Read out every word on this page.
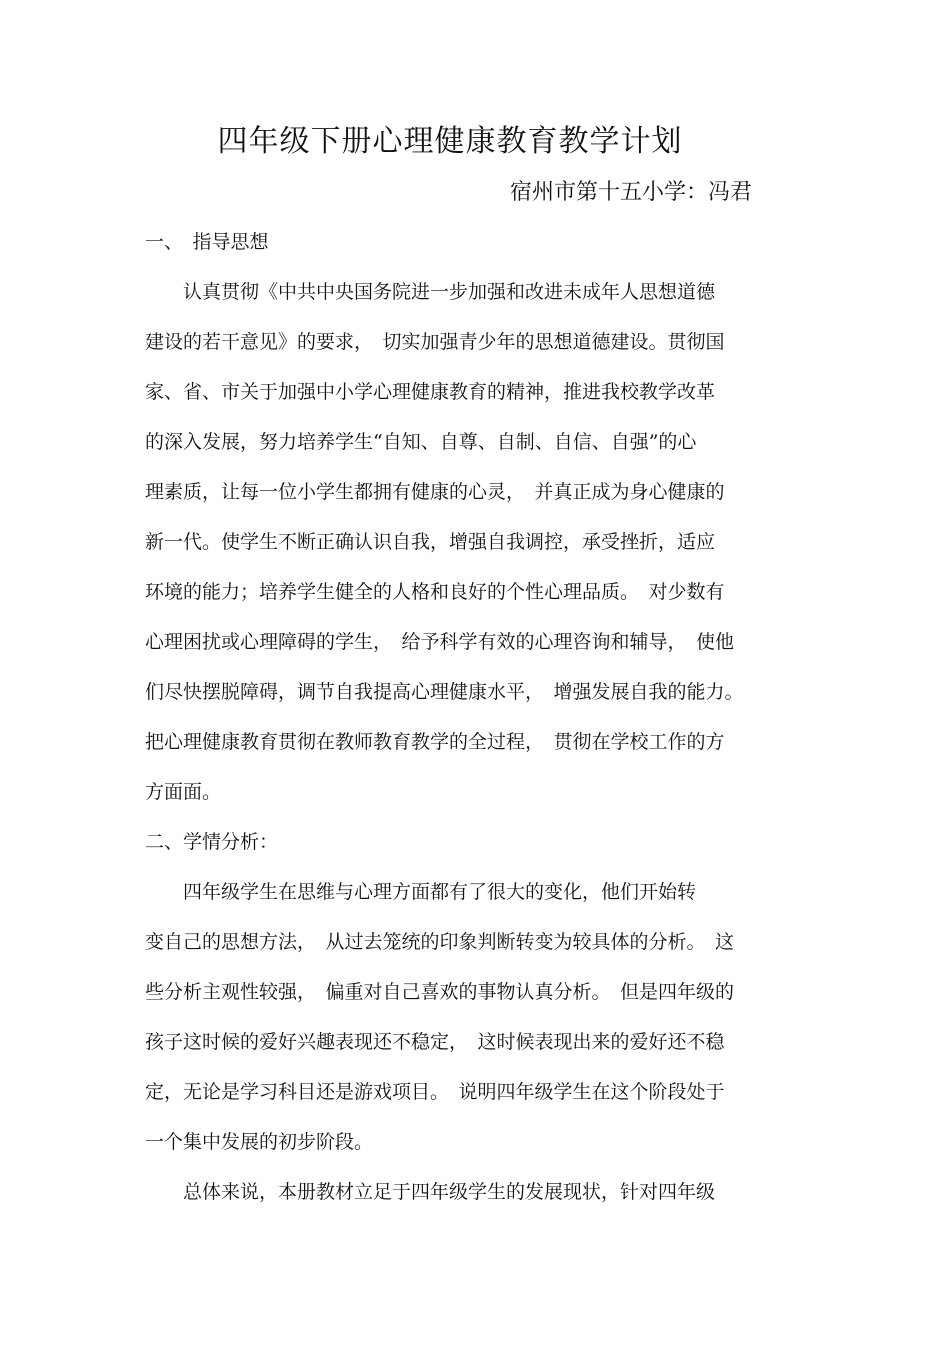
四年级下册心理健康教育教学计划
宿州市第十五小学：冯君
一、　指导思想
　　认真贯彻《中共中央国务院进一步加强和改进未成年人思想道德
建设的若干意见》的要求，　切实加强青少年的思想道德建设。贯彻国
家、省、市关于加强中小学心理健康教育的精神，推进我校教学改革
的深入发展，努力培养学生“自知、自尊、自制、自信、自强”的心
理素质，让每一位小学生都拥有健康的心灵，　并真正成为身心健康的
新一代。使学生不断正确认识自我，增强自我调控，承受挫折，适应
环境的能力；培养学生健全的人格和良好的个性心理品质。　对少数有
心理困扰或心理障碍的学生，　给予科学有效的心理咨询和辅导，　使他
们尽快摆脱障碍，调节自我提高心理健康水平，　增强发展自我的能力。
把心理健康教育贯彻在教师教育教学的全过程，　贯彻在学校工作的方
方面面。
二、学情分析：
　　四年级学生在思维与心理方面都有了很大的变化，他们开始转
变自己的思想方法，　从过去笼统的印象判断转变为较具体的分析。　这
些分析主观性较强，　偏重对自己喜欢的事物认真分析。　但是四年级的
孩子这时候的爱好兴趣表现还不稳定，　这时候表现出来的爱好还不稳
定，无论是学习科目还是游戏项目。　说明四年级学生在这个阶段处于
一个集中发展的初步阶段。
　　总体来说，本册教材立足于四年级学生的发展现状，针对四年级
